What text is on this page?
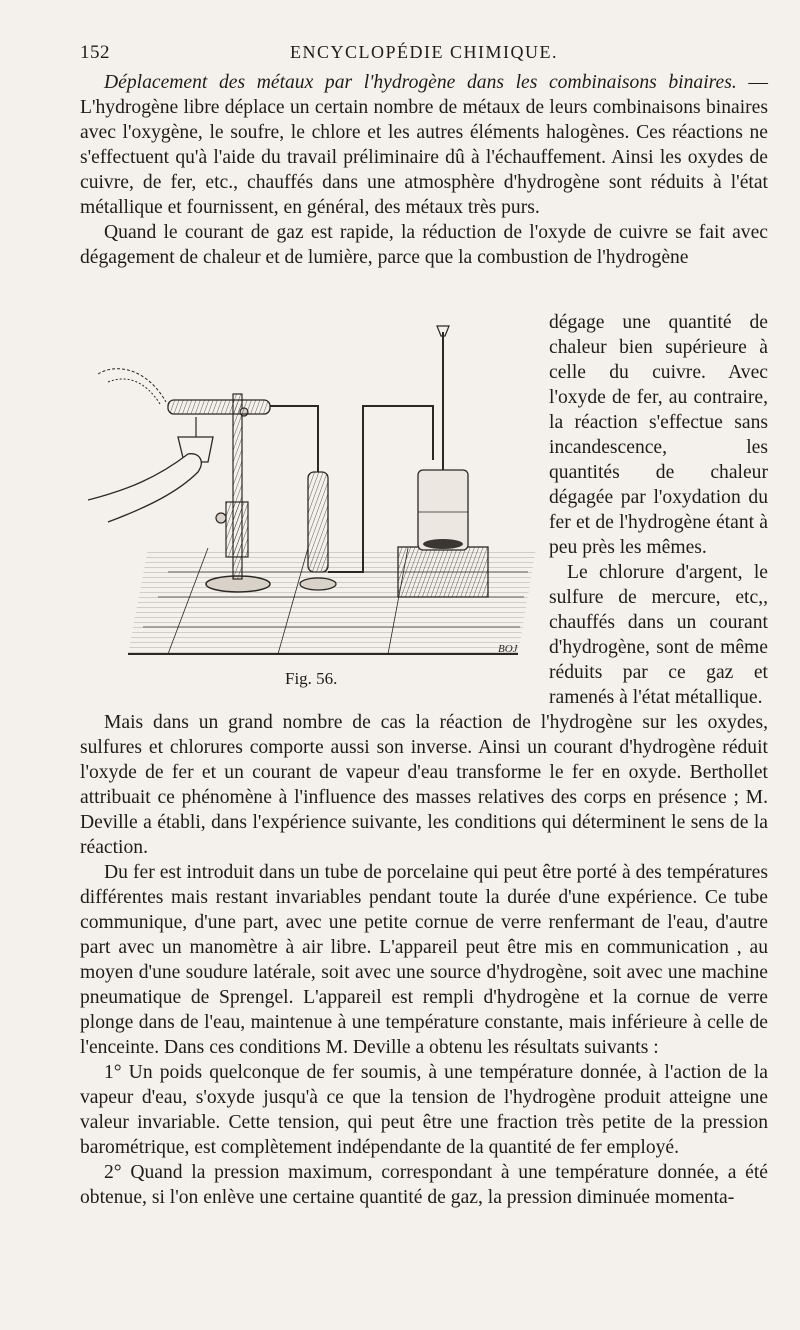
152	ENCYCLOPÉDIE CHIMIQUE.

Déplacement des métaux par l'hydrogène dans les combinaisons binaires. — L'hydrogène libre déplace un certain nombre de métaux de leurs combinaisons binaires avec l'oxygène, le soufre, le chlore et les autres éléments halogènes. Ces réactions ne s'effectuent qu'à l'aide du travail préliminaire dû à l'échauffement. Ainsi les oxydes de cuivre, de fer, etc., chauffés dans une atmosphère d'hydrogène sont réduits à l'état métallique et fournissent, en général, des métaux très purs.

Quand le courant de gaz est rapide, la réduction de l'oxyde de cuivre se fait avec dégagement de chaleur et de lumière, parce que la combustion de l'hydrogène

dégage une quantité de chaleur bien supérieure à celle du cuivre. Avec l'oxyde de fer, au contraire, la réaction s'effectue sans incandescence, les quantités de chaleur dégagée par l'oxydation du fer et de l'hydrogène étant à peu près les mêmes.

Le chlorure d'argent, le sulfure de mercure, etc,, chauffés dans un courant d'hydrogène, sont de même réduits par ce gaz et ramenés à l'état métallique.

BOJ
Fig. 56.

Mais dans un grand nombre de cas la réaction de l'hydrogène sur les oxydes, sulfures et chlorures comporte aussi son inverse. Ainsi un courant d'hydrogène réduit l'oxyde de fer et un courant de vapeur d'eau transforme le fer en oxyde. Berthollet attribuait ce phénomène à l'influence des masses relatives des corps en présence ; M. Deville a établi, dans l'expérience suivante, les conditions qui déterminent le sens de la réaction.

Du fer est introduit dans un tube de porcelaine qui peut être porté à des températures différentes mais restant invariables pendant toute la durée d'une expérience. Ce tube communique, d'une part, avec une petite cornue de verre renfermant de l'eau, d'autre part avec un manomètre à air libre. L'appareil peut être mis en communication , au moyen d'une soudure latérale, soit avec une source d'hydrogène, soit avec une machine pneumatique de Sprengel. L'appareil est rempli d'hydrogène et la cornue de verre plonge dans de l'eau, maintenue à une température constante, mais inférieure à celle de l'enceinte. Dans ces conditions M. Deville a obtenu les résultats suivants :

1° Un poids quelconque de fer soumis, à une température donnée, à l'action de la vapeur d'eau, s'oxyde jusqu'à ce que la tension de l'hydrogène produit atteigne une valeur invariable. Cette tension, qui peut être une fraction très petite de la pression barométrique, est complètement indépendante de la quantité de fer employé.

2° Quand la pression maximum, correspondant à une température donnée, a été obtenue, si l'on enlève une certaine quantité de gaz, la pression diminuée momenta-
